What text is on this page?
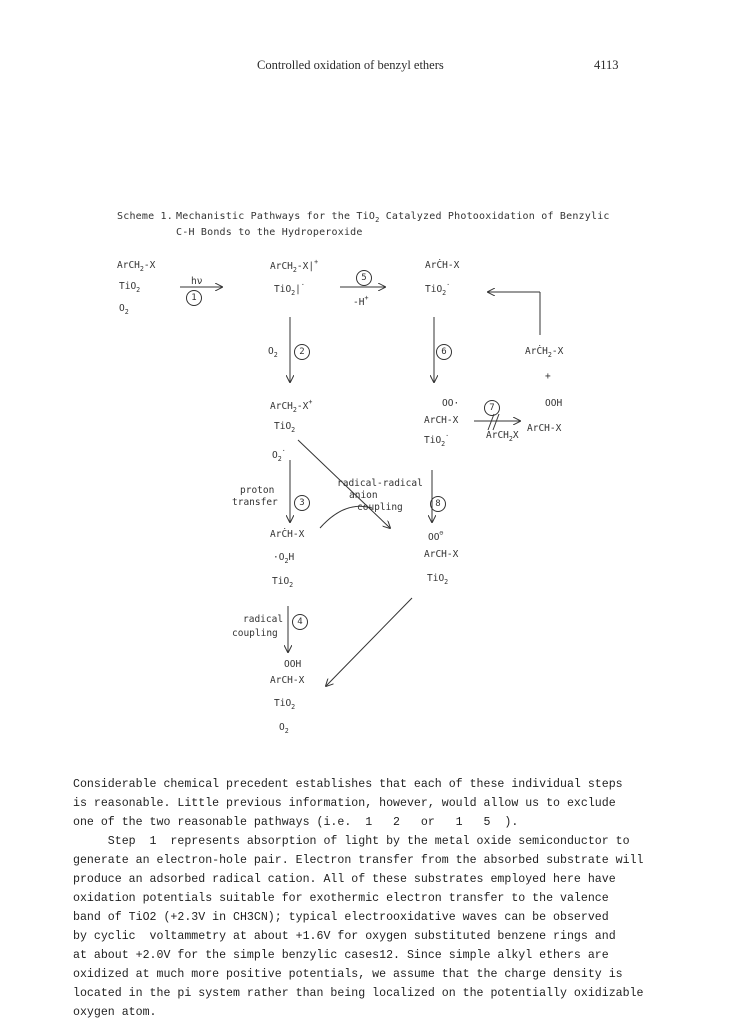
Controlled oxidation of benzyl ethers	4113
Scheme 1. Mechanistic Pathways for the TiO$_2$ Catalyzed Photooxidation of Benzylic
C-H Bonds to the Hydroperoxide
ArCH$_2$-X
TiO$_2$
$O_2$
hν
1
ArCH$_2$-X|+
TiO$_2$|·
5
-H+
ArĊH-X
TiO$_2$·
ArĊH$_2$-X
+
$O_2$	2	6
ArCH$_2$-X+
TiO$_2$
$O_2^\cdot$
OO·
ArCH-X
TiO$_2$·
7
ArCH$_2$X
OOH
ArCH-X
proton
transfer	3
radical-radical
anion
coupling	8
ArĊH-X
$\cdot O_2H$
TiO$_2$
OO⊖
ArCH-X
TiO$_2$
radical
coupling
4
OOH
ArCH-X
TiO$_2$
$O_2$

Considerable chemical precedent establishes that each of these individual steps

is reasonable. Little previous information, however, would allow us to exclude

one of the two reasonable pathways (i.e.  1   2   or   1   5  ).

Step  1  represents absorption of light by the metal oxide semiconductor to

generate an electron-hole pair. Electron transfer from the absorbed substrate will

produce an adsorbed radical cation. All of these substrates employed here have

oxidation potentials suitable for exothermic electron transfer to the valence

band of TiO2 (+2.3V in CH3CN); typical electrooxidative waves can be observed

by cyclic  voltammetry at about +1.6V for oxygen substituted benzene rings and

at about +2.0V for the simple benzylic cases12. Since simple alkyl ethers are

oxidized at much more positive potentials, we assume that the charge density is

located in the pi system rather than being localized on the potentially oxidizable

oxygen atom.
